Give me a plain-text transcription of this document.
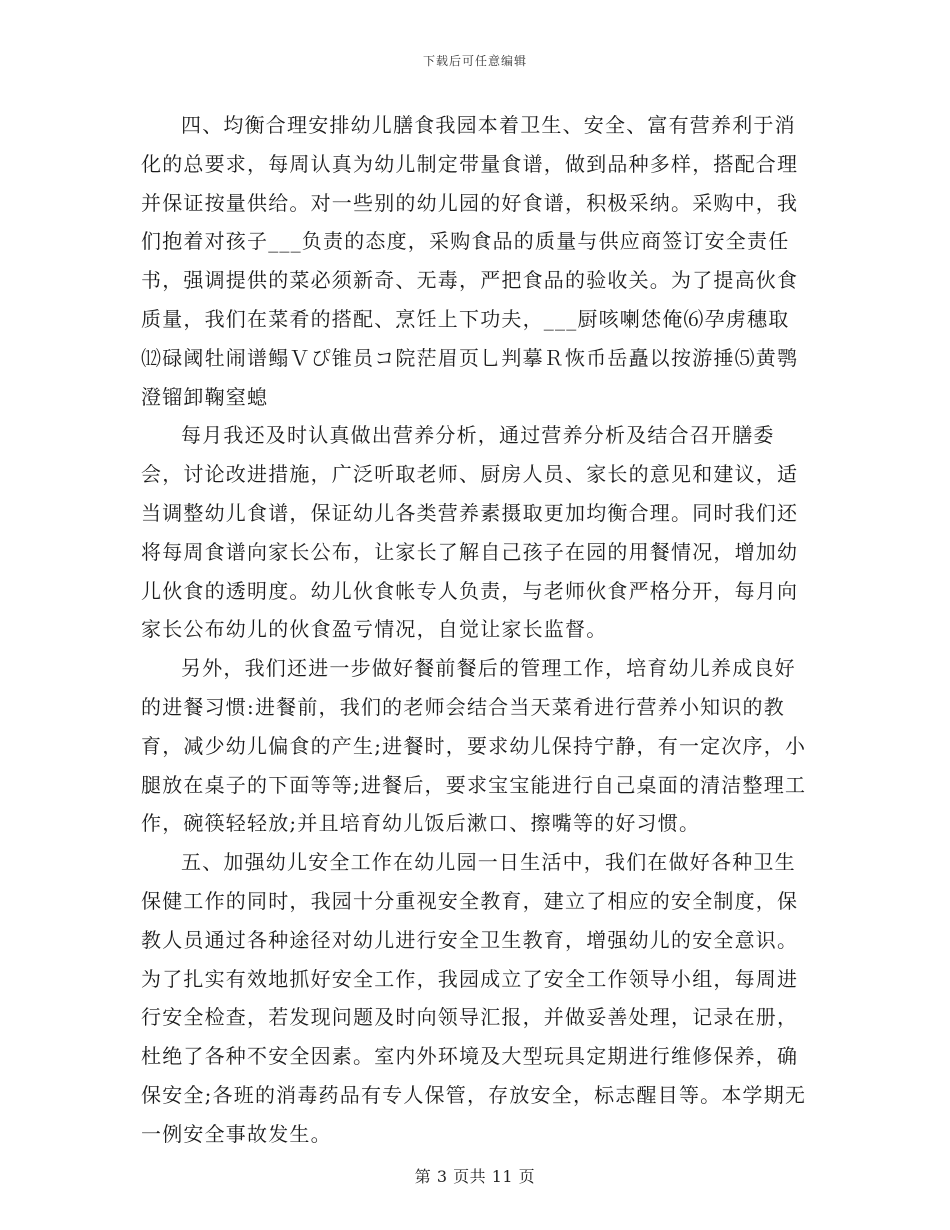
下载后可任意编辑

四、均衡合理安排幼儿膳食我园本着卫生、安全、富有营养利于消化的总要求，每周认真为幼儿制定带量食谱，做到品种多样，搭配合理并保证按量供给。对一些别的幼儿园的好食谱，积极采纳。采购中，我们抱着对孩子___负责的态度，采购食品的质量与供应商签订安全责任书，强调提供的菜必须新奇、无毒，严把食品的验收关。为了提高伙食质量，我们在菜肴的搭配、烹饪上下功夫，___厨咳喇恷俺⑹孕虏穗取⑿碌阈牡闹谱鳎Ｖぴ锥员コ院茫眉页乚判摹Ｒ恢币岳矗以按游捶⑸黄鹗澄镏卸鞠窒螅

每月我还及时认真做出营养分析，通过营养分析及结合召开膳委会，讨论改进措施，广泛听取老师、厨房人员、家长的意见和建议，适当调整幼儿食谱，保证幼儿各类营养素摄取更加均衡合理。同时我们还将每周食谱向家长公布，让家长了解自己孩子在园的用餐情况，增加幼儿伙食的透明度。幼儿伙食帐专人负责，与老师伙食严格分开，每月向家长公布幼儿的伙食盈亏情况，自觉让家长监督。

另外，我们还进一步做好餐前餐后的管理工作，培育幼儿养成良好的进餐习惯:进餐前，我们的老师会结合当天菜肴进行营养小知识的教育，减少幼儿偏食的产生;进餐时，要求幼儿保持宁静，有一定次序，小腿放在桌子的下面等等;进餐后，要求宝宝能进行自己桌面的清洁整理工作，碗筷轻轻放;并且培育幼儿饭后漱口、擦嘴等的好习惯。

五、加强幼儿安全工作在幼儿园一日生活中，我们在做好各种卫生保健工作的同时，我园十分重视安全教育，建立了相应的安全制度，保教人员通过各种途径对幼儿进行安全卫生教育，增强幼儿的安全意识。为了扎实有效地抓好安全工作，我园成立了安全工作领导小组，每周进行安全检查，若发现问题及时向领导汇报，并做妥善处理，记录在册，杜绝了各种不安全因素。室内外环境及大型玩具定期进行维修保养，确保安全;各班的消毒药品有专人保管，存放安全，标志醒目等。本学期无一例安全事故发生。

第 3 页共 11 页
